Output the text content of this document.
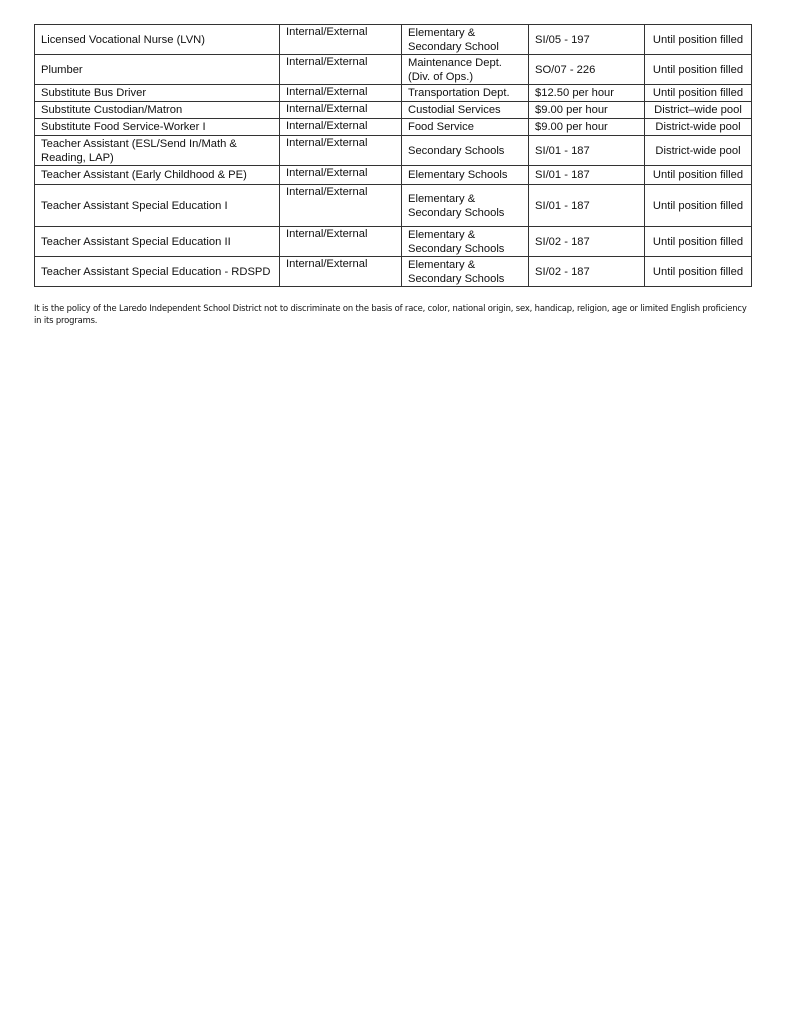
Licensed Vocational Nurse (LVN)	Internal/External	Elementary & Secondary School	SI/05 - 197	Until position filled
Plumber	Internal/External	Maintenance Dept. (Div. of Ops.)	SO/07 - 226	Until position filled
Substitute Bus Driver	Internal/External	Transportation Dept.	$12.50 per hour	Until position filled
Substitute Custodian/Matron	Internal/External	Custodial Services	$9.00 per hour	District–wide pool
Substitute Food Service-Worker I	Internal/External	Food Service	$9.00 per hour	District-wide pool
Teacher Assistant (ESL/Send In/Math & Reading, LAP)	Internal/External	Secondary Schools	SI/01 - 187	District-wide pool
Teacher Assistant (Early Childhood & PE)	Internal/External	Elementary Schools	SI/01 - 187	Until position filled
Teacher Assistant Special Education I	Internal/External	Elementary & Secondary Schools	SI/01 - 187	Until position filled
Teacher Assistant Special Education II	Internal/External	Elementary & Secondary Schools	SI/02 - 187	Until position filled
Teacher Assistant Special Education - RDSPD	Internal/External	Elementary & Secondary Schools	SI/02 - 187	Until position filled

It is the policy of the Laredo Independent School District not to discriminate on the basis of race, color, national origin, sex, handicap, religion, age or limited English proficiency in its programs.
